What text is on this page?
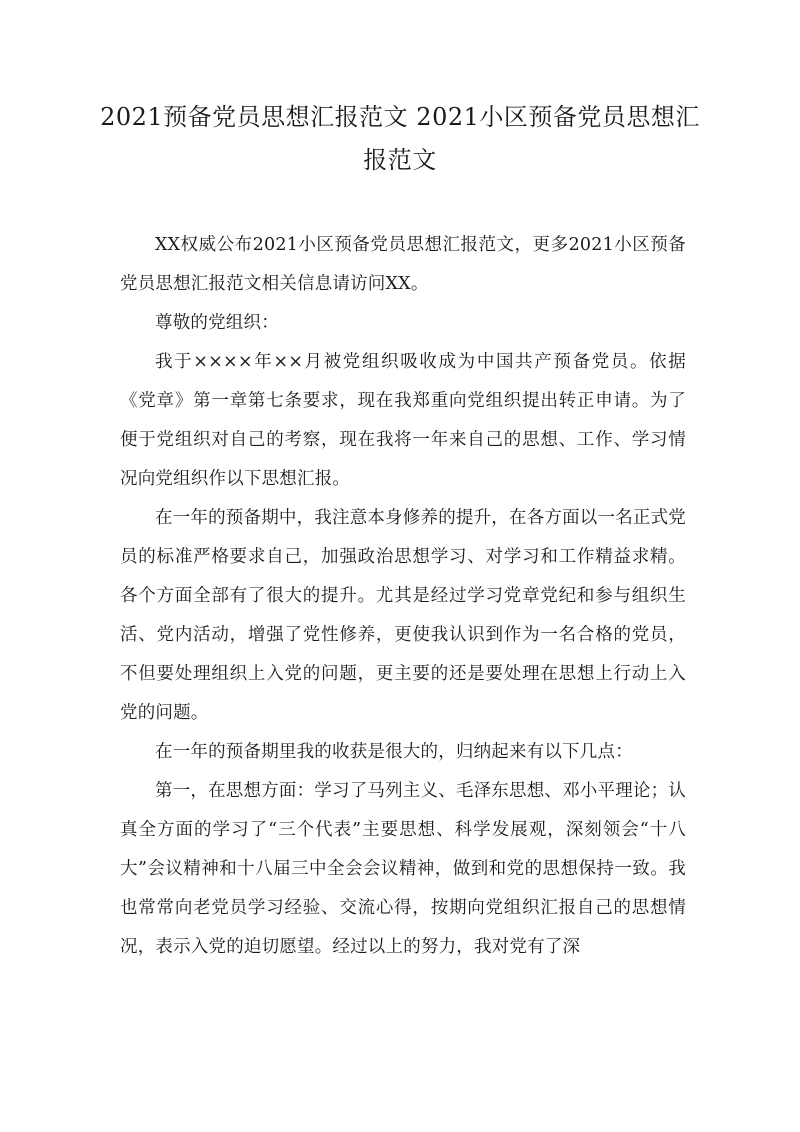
2021预备党员思想汇报范文 2021小区预备党员思想汇报范文

XX权威公布2021小区预备党员思想汇报范文，更多2021小区预备党员思想汇报范文相关信息请访问XX。

尊敬的党组织：

我于××××年××月被党组织吸收成为中国共产预备党员。依据《党章》第一章第七条要求，现在我郑重向党组织提出转正申请。为了便于党组织对自己的考察，现在我将一年来自己的思想、工作、学习情况向党组织作以下思想汇报。

在一年的预备期中，我注意本身修养的提升，在各方面以一名正式党员的标准严格要求自己，加强政治思想学习、对学习和工作精益求精。各个方面全部有了很大的提升。尤其是经过学习党章党纪和参与组织生活、党内活动，增强了党性修养，更使我认识到作为一名合格的党员，不但要处理组织上入党的问题，更主要的还是要处理在思想上行动上入党的问题。

在一年的预备期里我的收获是很大的，归纳起来有以下几点：

第一，在思想方面：学习了马列主义、毛泽东思想、邓小平理论；认真全方面的学习了“三个代表”主要思想、科学发展观，深刻领会“十八大”会议精神和十八届三中全会会议精神，做到和党的思想保持一致。我也常常向老党员学习经验、交流心得，按期向党组织汇报自己的思想情况，表示入党的迫切愿望。经过以上的努力，我对党有了深
